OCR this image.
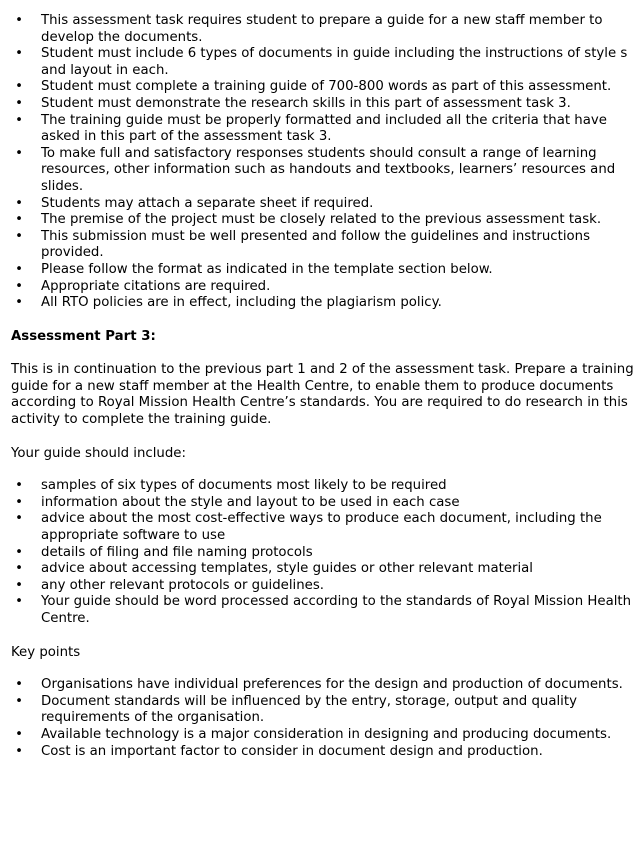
• This assessment task requires student to prepare a guide for a new staff member to develop the documents.
• Student must include 6 types of documents in guide including the instructions of style s and layout in each.
• Student must complete a training guide of 700-800 words as part of this assessment.
• Student must demonstrate the research skills in this part of assessment task 3.
• The training guide must be properly formatted and included all the criteria that have asked in this part of the assessment task 3.
• To make full and satisfactory responses students should consult a range of learning resources, other information such as handouts and textbooks, learners’ resources and slides.
• Students may attach a separate sheet if required.
• The premise of the project must be closely related to the previous assessment task.
• This submission must be well presented and follow the guidelines and instructions provided.
• Please follow the format as indicated in the template section below.
• Appropriate citations are required.
• All RTO policies are in effect, including the plagiarism policy.

Assessment Part 3:

This is in continuation to the previous part 1 and 2 of the assessment task. Prepare a training guide for a new staff member at the Health Centre, to enable them to produce documents according to Royal Mission Health Centre’s standards. You are required to do research in this activity to complete the training guide.

Your guide should include:

• samples of six types of documents most likely to be required
• information about the style and layout to be used in each case
• advice about the most cost-effective ways to produce each document, including the appropriate software to use
• details of filing and file naming protocols
• advice about accessing templates, style guides or other relevant material
• any other relevant protocols or guidelines.
• Your guide should be word processed according to the standards of Royal Mission Health Centre.

Key points

• Organisations have individual preferences for the design and production of documents.
• Document standards will be influenced by the entry, storage, output and quality requirements of the organisation.
• Available technology is a major consideration in designing and producing documents.
• Cost is an important factor to consider in document design and production.
